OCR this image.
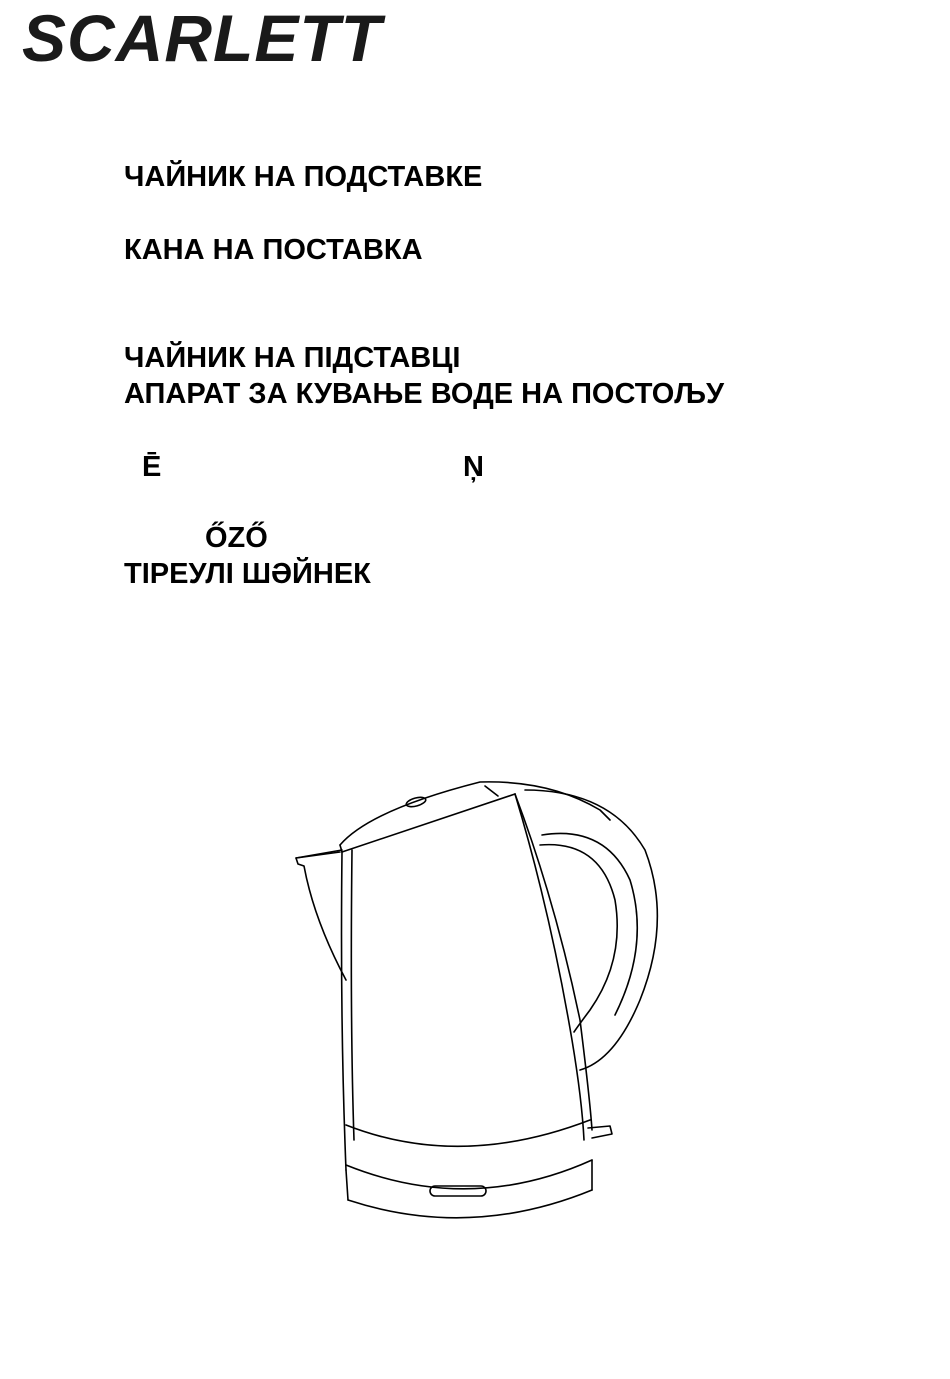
SCARLETT

ЧАЙНИК НА ПОДСТАВКЕ

КАНА НА ПОСТАВКА

ЧАЙНИК НА ПІДСТАВЦІ

АПАРАТ ЗА КУВАЊЕ ВОДЕ НА ПОСТОЉУ

Ē	Ņ

ŐZŐ

ТІРЕУЛІ ШӘЙНЕК
